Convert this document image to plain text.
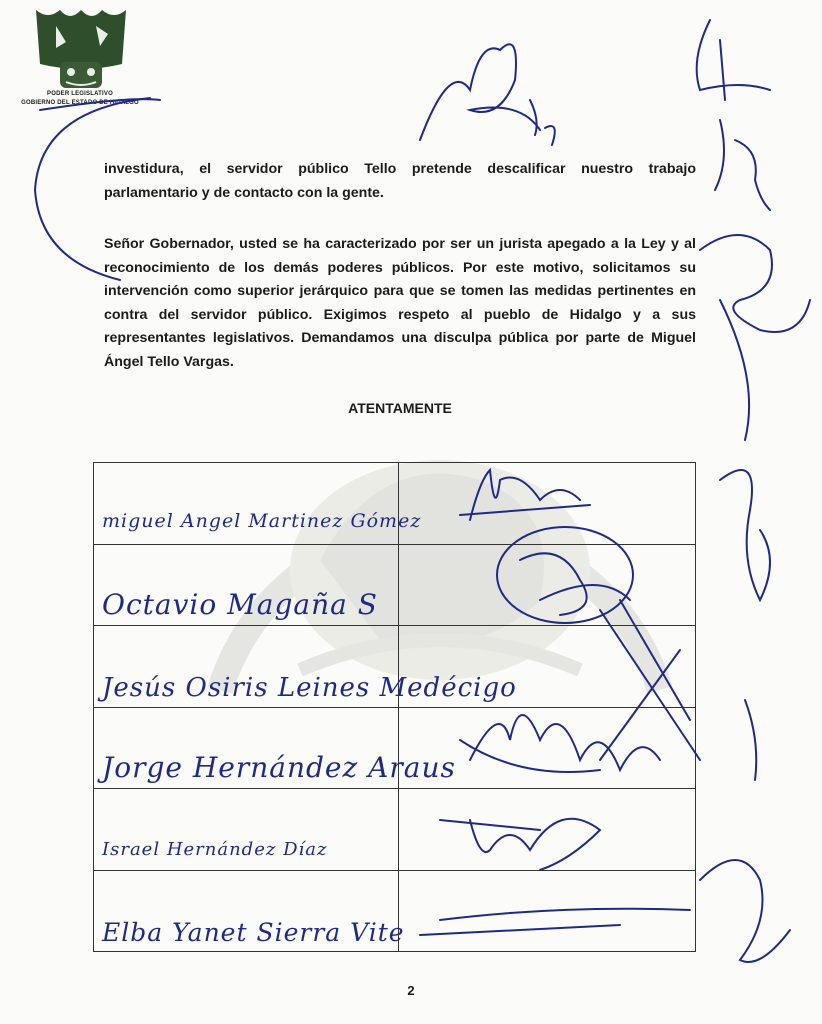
PODER LEGISLATIVO
GOBIERNO DEL ESTADO DE HIDALGO

investidura, el servidor público Tello pretende descalificar nuestro trabajo parlamentario y de contacto con la gente.

Señor Gobernador, usted se ha caracterizado por ser un jurista apegado a la Ley y al reconocimiento de los demás poderes públicos. Por este motivo, solicitamos su intervención como superior jerárquico para que se tomen las medidas pertinentes en contra del servidor público. Exigimos respeto al pueblo de Hidalgo y a sus representantes legislativos. Demandamos una disculpa pública por parte de Miguel Ángel Tello Vargas.

ATENTAMENTE
miguel Angel Martinez Gómez	

Octavio Magaña S	

Jesús Osiris Leines Medécigo	

Jorge Hernández Araus	

Israel Hernández Díaz	

Elba Yanet Sierra Vite	

2
